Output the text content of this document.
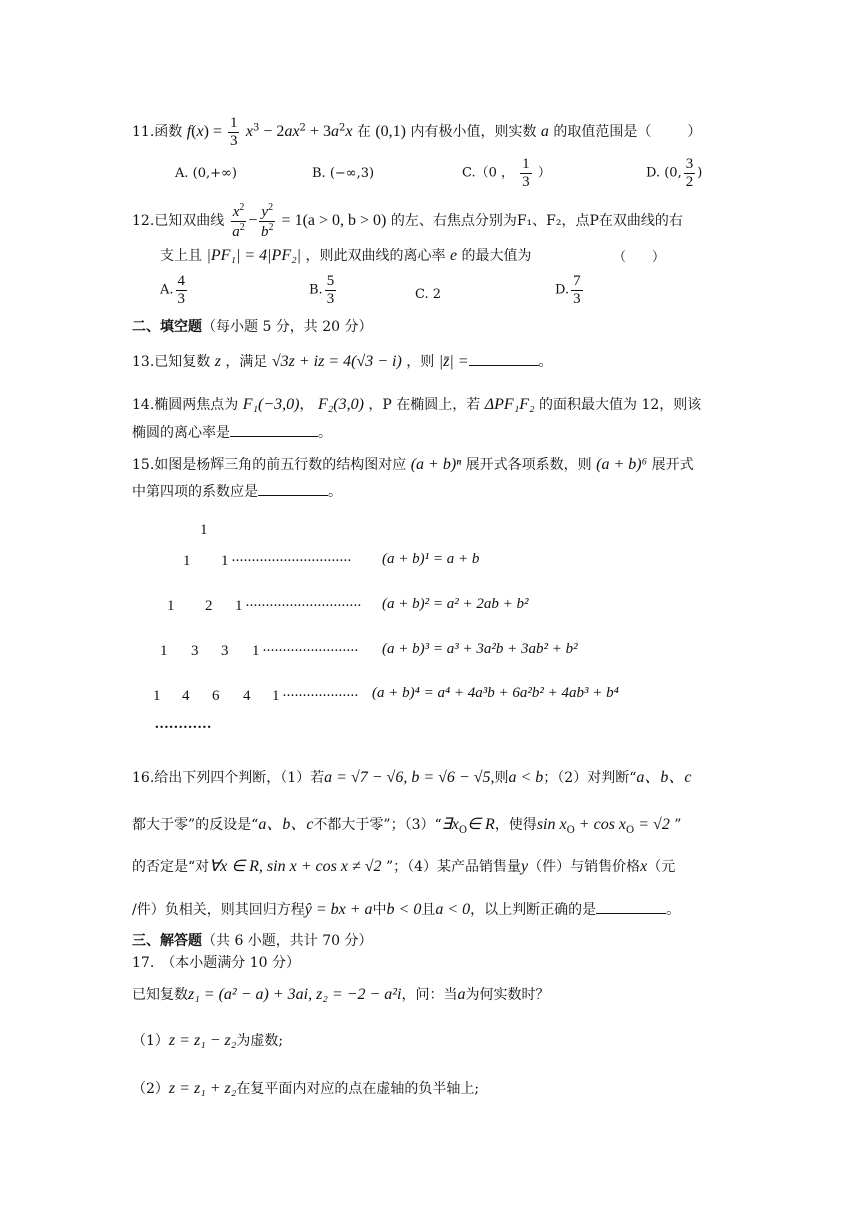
11.函数 $f(x) = \frac{1}{3} x^3 - 2ax^2 + 3a^2x$ 在 (0,1) 内有极小值，则实数 a 的取值范围是（	）
A. (0,+∞)	B. (−∞,3)	C.（0 ， $\frac{1}{3}$ ）	D. (0, $\frac{3}{2}$ )
12.已知双曲线 $\frac{x^2}{a^2} - \frac{y^2}{b^2} = 1(a > 0$, b > 0) 的左、右焦点分别为F₁、F₂，点P在双曲线的右
支上且 |PF₁| = 4|PF₂| ，则此双曲线的离心率 e 的最大值为	（　　）
A. $\frac{4}{3}$	B. $\frac{5}{3}$	C. 2	D. $\frac{7}{3}$
二、填空题（每小题 5 分，共 20 分）
13.已知复数 z ，满足 √3z + iz = 4(√3 − i) ，则 |z̄| =	。
14.椭圆两焦点为 F₁(−3,0)， F₂(3,0) ，P 在椭圆上，若 ΔPF₁F₂ 的面积最大值为 12，则该
椭圆的离心率是	。
15.如图是杨辉三角的前五行数的结构图对应 (a + b)ⁿ 展开式各项系数，则 (a + b)⁶ 展开式
中第四项的系数应是	。
1
1 1 ······························ (a + b)¹ = a + b
1 2 1 ····························· (a + b)² = a² + 2ab + b²
1 3 3 1 ························ (a + b)³ = a³ + 3a²b + 3ab² + b²
1 4 6 4 1 ··················· (a + b)⁴ = a⁴ + 4a³b + 6a²b² + 4ab³ + b⁴
............
16.给出下列四个判断，（1）若a = √7 − √6, b = √6 − √5,则a < b；（2）对判断“a、b、c
都大于零”的反设是“a、b、c不都大于零”；$(3)“\exists x_O\in$ R，使得$\sin x_O + \cos x_O = √2$ ”
的否定是“对∀x ∈ R, sin x + cos x ≠ √2 ”；（4）某产品销售量y（件）与销售价格x（元
/件）负相关，则其回归方程ŷ = bx + a中b < 0且a < 0，以上判断正确的是	。
三、解答题（共 6 小题，共计 70 分）
17.　（本小题满分 10 分）
已知复数z₁ = (a² − a) + 3ai, z₂ = −2 − a²i，问：当a为何实数时？
（1）z = z₁ − z₂为虚数;
（2）z = z₁ + z₂在复平面内对应的点在虚轴的负半轴上;
